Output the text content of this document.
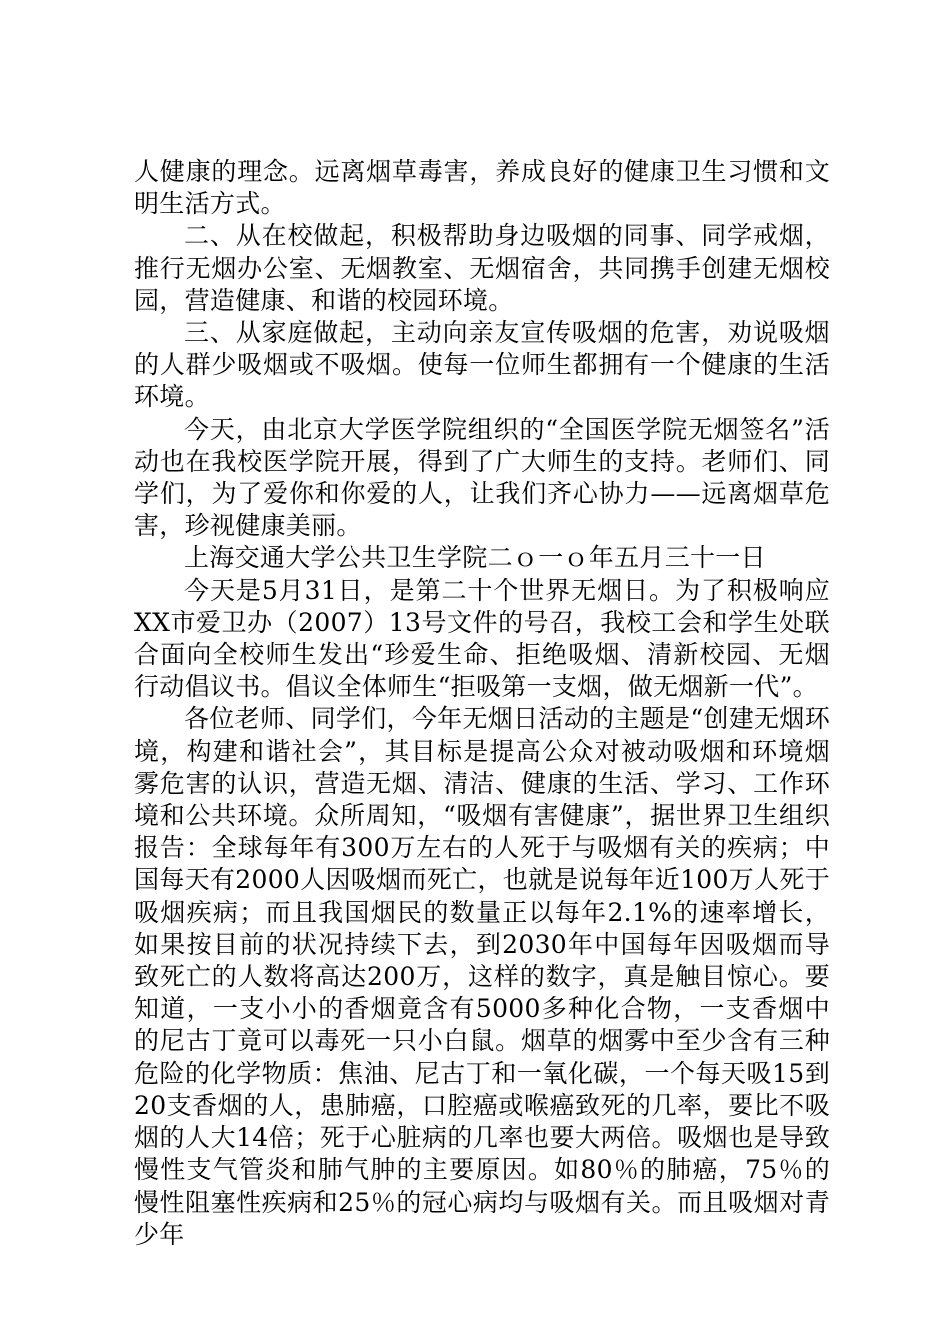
人健康的理念。远离烟草毒害，养成良好的健康卫生习惯和文明生活方式。

二、从在校做起，积极帮助身边吸烟的同事、同学戒烟，推行无烟办公室、无烟教室、无烟宿舍，共同携手创建无烟校园，营造健康、和谐的校园环境。

三、从家庭做起，主动向亲友宣传吸烟的危害，劝说吸烟的人群少吸烟或不吸烟。使每一位师生都拥有一个健康的生活环境。

今天，由北京大学医学院组织的“全国医学院无烟签名”活动也在我校医学院开展，得到了广大师生的支持。老师们、同学们，为了爱你和你爱的人，让我们齐心协力——远离烟草危害，珍视健康美丽。

上海交通大学公共卫生学院二ｏ一ｏ年五月三十一日

今天是5月31日，是第二十个世界无烟日。为了积极响应XX市爱卫办（2007）13号文件的号召，我校工会和学生处联合面向全校师生发出“珍爱生命、拒绝吸烟、清新校园、无烟行动倡议书。倡议全体师生“拒吸第一支烟，做无烟新一代”。

各位老师、同学们，今年无烟日活动的主题是“创建无烟环境，构建和谐社会”，其目标是提高公众对被动吸烟和环境烟雾危害的认识，营造无烟、清洁、健康的生活、学习、工作环境和公共环境。众所周知，“吸烟有害健康”，据世界卫生组织报告：全球每年有300万左右的人死于与吸烟有关的疾病；中国每天有2000人因吸烟而死亡，也就是说每年近100万人死于吸烟疾病；而且我国烟民的数量正以每年2.1%的速率增长，如果按目前的状况持续下去，到2030年中国每年因吸烟而导致死亡的人数将高达200万，这样的数字，真是触目惊心。要知道，一支小小的香烟竟含有5000多种化合物，一支香烟中的尼古丁竟可以毒死一只小白鼠。烟草的烟雾中至少含有三种危险的化学物质：焦油、尼古丁和一氧化碳，一个每天吸15到20支香烟的人，患肺癌，口腔癌或喉癌致死的几率，要比不吸烟的人大14倍；死于心脏病的几率也要大两倍。吸烟也是导致慢性支气管炎和肺气肿的主要原因。如80％的肺癌，75％的慢性阻塞性疾病和25％的冠心病均与吸烟有关。而且吸烟对青少年
